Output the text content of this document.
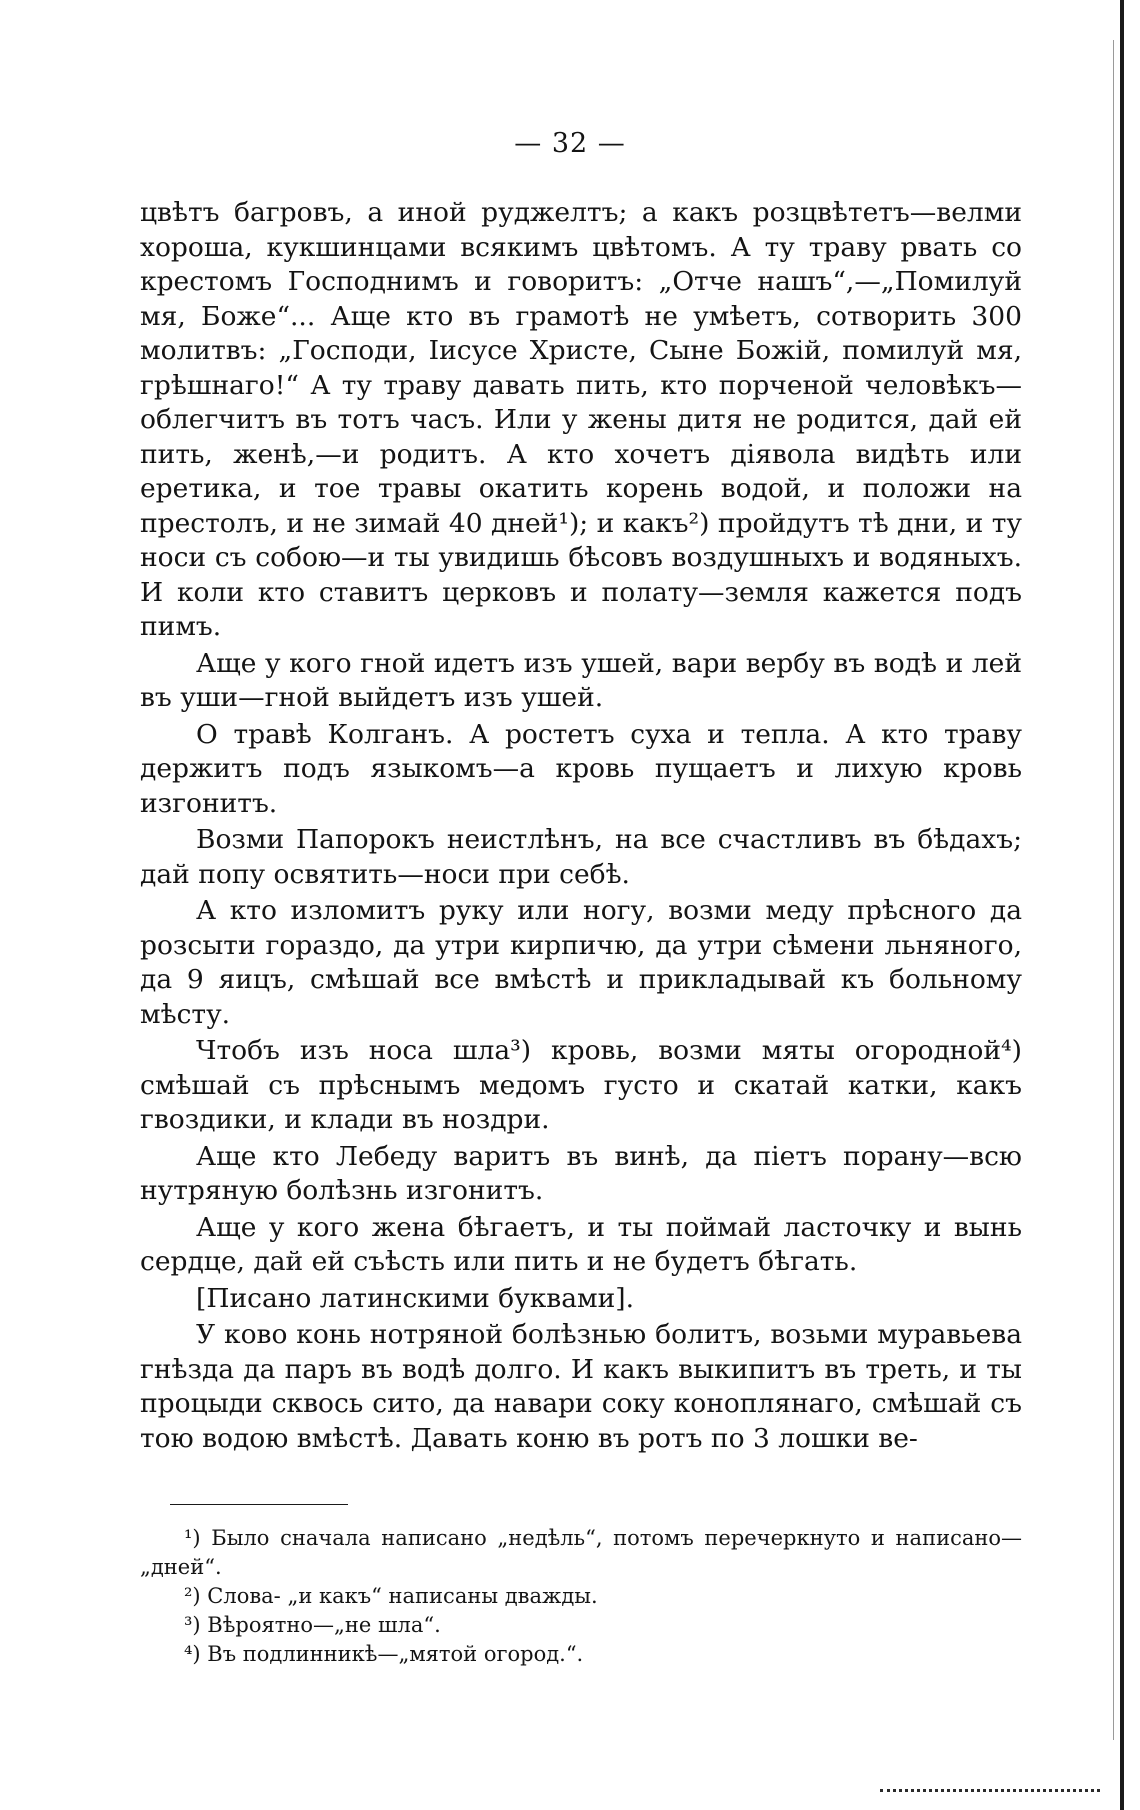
— 32 —

цвѣтъ багровъ, а иной руджелтъ; а какъ розцвѣтетъ—велми хороша, кукшинцами всякимъ цвѣтомъ. А ту траву рвать со крестомъ Господнимъ и говоритъ: „Отче нашъ“,—„Помилуй мя, Боже“... Аще кто въ грамотѣ не умѣетъ, сотворить 300 молитвъ: „Господи, Іисусе Христе, Сыне Божій, помилуй мя, грѣшнаго!“ А ту траву давать пить, кто порченой человѣкъ— облегчитъ въ тотъ часъ. Или у жены дитя не родится, дай ей пить, женѣ,—и родитъ. А кто хочетъ діявола видѣть или еретика, и тое травы окатить корень водой, и положи на престолъ, и не зимай 40 дней¹); и какъ²) пройдутъ тѣ дни, и ту носи съ собою—и ты увидишь бѣсовъ воздушныхъ и водяныхъ. И коли кто ставитъ церковъ и полату—земля кажется подъ пимъ.

Аще у кого гной идетъ изъ ушей, вари вербу въ водѣ и лей въ уши—гной выйдетъ изъ ушей.

О травѣ Колганъ. А ростетъ суха и тепла. А кто траву держитъ подъ языкомъ—а кровь пущаетъ и лихую кровь изгонитъ.

Возми Папорокъ неистлѣнъ, на все счастливъ въ бѣдахъ; дай попу освятить—носи при себѣ.

А кто изломитъ руку или ногу, возми меду прѣсного да розсыти гораздо, да утри кирпичю, да утри сѣмени льняного, да 9 яицъ, смѣшай все вмѣстѣ и прикладывай къ больному мѣсту.

Чтобъ изъ носа шла³) кровь, возми мяты огородной⁴) смѣшай съ прѣснымъ медомъ густо и скатай катки, какъ гвоздики, и клади въ ноздри.

Аще кто Лебеду варитъ въ винѣ, да піетъ порану—всю нутряную болѣзнь изгонитъ.

Аще у кого жена бѣгаетъ, и ты поймай ласточку и вынь сердце, дай ей съѣсть или пить и не будетъ бѣгать.

[Писано латинскими буквами].

У ково конь нотряной болѣзнью болитъ, возьми муравьева гнѣзда да паръ въ водѣ долго. И какъ выкипитъ въ треть, и ты процыди сквось сито, да навари соку коноплянаго, смѣшай съ тою водою вмѣстѣ. Давать коню въ ротъ по 3 лошки ве-

¹) Было сначала написано „недѣль“, потомъ перечеркнуто и написано— „дней“.

²) Слова- „и какъ“ написаны дважды.

³) Вѣроятно—„не шла“.

⁴) Въ подлинникѣ—„мятой огород.“.
